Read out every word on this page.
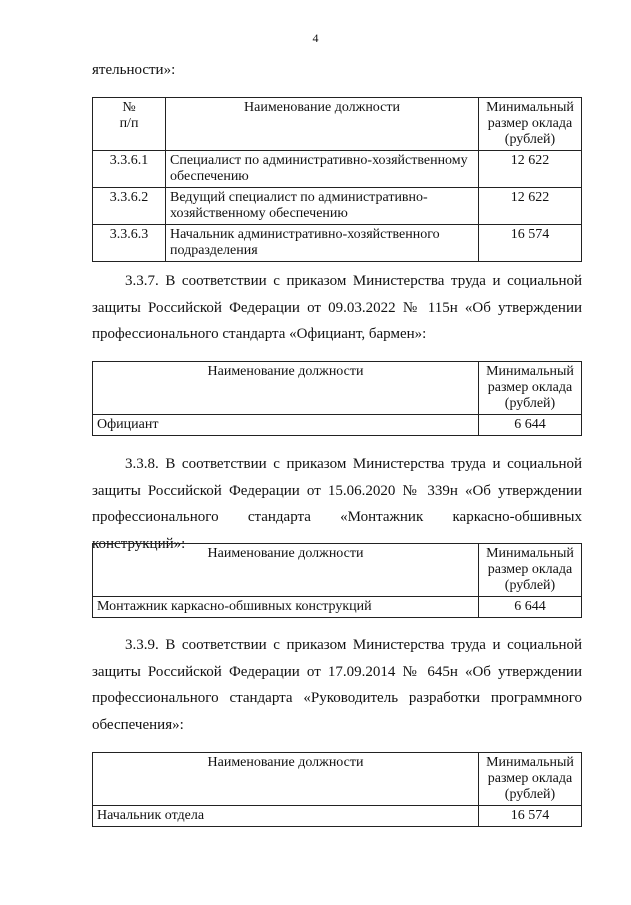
4
ятельности»:
№
п/п	Наименование должности	Минимальный размер оклада (рублей)
3.3.6.1	Специалист по административно-хозяйственному обеспечению	12 622
3.3.6.2	Ведущий специалист по административно-хозяйственному обеспечению	12 622
3.3.6.3	Начальник административно-хозяйственного подразделения	16 574
3.3.7. В соответствии с приказом Министерства труда и социальной защиты Российской Федерации от 09.03.2022 № 115н «Об утверждении профессионального стандарта «Официант, бармен»:
Наименование должности	Минимальный размер оклада (рублей)
Официант	6 644
3.3.8. В соответствии с приказом Министерства труда и социальной защиты Российской Федерации от 15.06.2020 № 339н «Об утверждении профессионального стандарта «Монтажник каркасно-обшивных конструкций»:
Наименование должности	Минимальный размер оклада (рублей)
Монтажник каркасно-обшивных конструкций	6 644
3.3.9. В соответствии с приказом Министерства труда и социальной защиты Российской Федерации от 17.09.2014 № 645н «Об утверждении профессионального стандарта «Руководитель разработки программного обеспечения»:
Наименование должности	Минимальный размер оклада (рублей)
Начальник отдела	16 574
